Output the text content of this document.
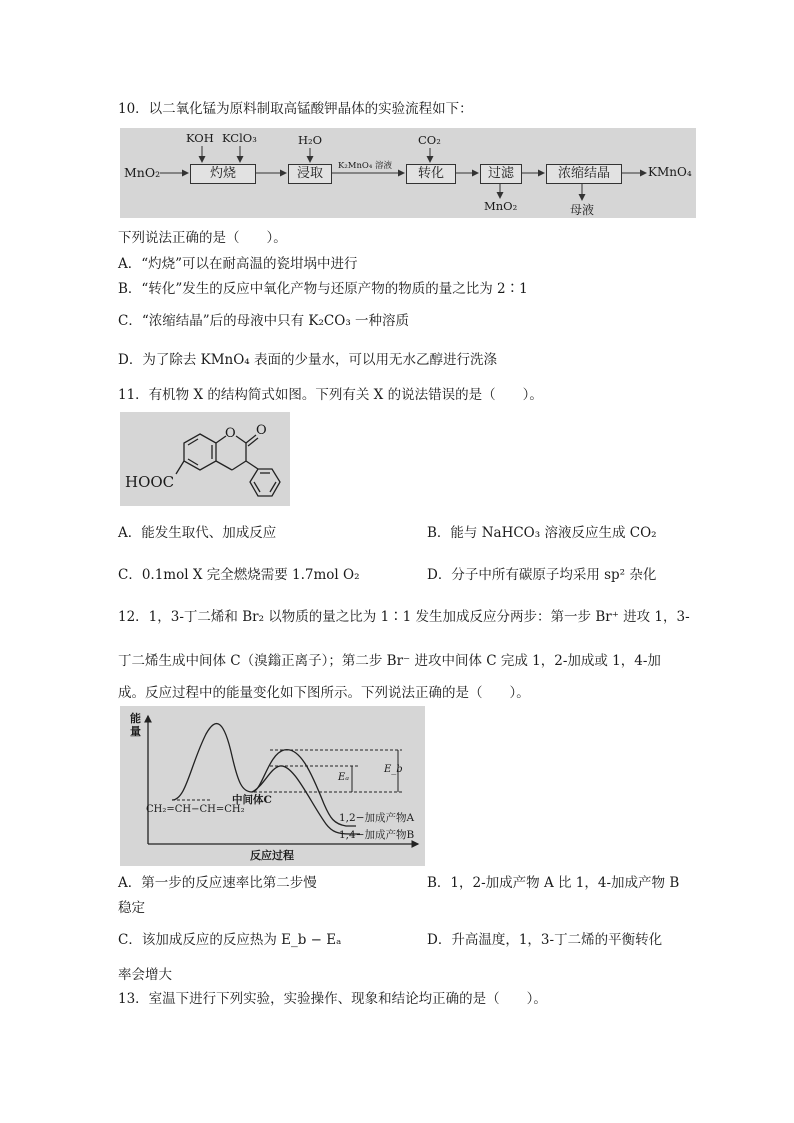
10．以二氧化锰为原料制取高锰酸钾晶体的实验流程如下：
MnO₂
KOH KClO₃
灼烧
H₂O
浸取	K₂MnO₄ 溶液
CO₂
转化	过滤
MnO₂
浓缩结晶
母液
KMnO₄
下列说法正确的是（　　）。
A．“灼烧”可以在耐高温的瓷坩埚中进行
B．“转化”发生的反应中氧化产物与还原产物的物质的量之比为 2∶1
C．“浓缩结晶”后的母液中只有 K₂CO₃ 一种溶质
D．为了除去 KMnO₄ 表面的少量水，可以用无水乙醇进行洗涤
11．有机物 X 的结构简式如图。下列有关 X 的说法错误的是（　　）。
HOOC
O O
A．能发生取代、加成反应	B．能与 NaHCO₃ 溶液反应生成 CO₂
C．0.1mol X 完全燃烧需要 1.7mol O₂	D．分子中所有碳原子均采用 sp² 杂化
12．1，3-丁二烯和 Br₂ 以物质的量之比为 1∶1 发生加成反应分两步：第一步 Br⁺ 进攻 1，3-
丁二烯生成中间体 C（溴鎓正离子）；第二步 Br⁻ 进攻中间体 C 完成 1，2-加成或 1，4-加
成。反应过程中的能量变化如下图所示。下列说法正确的是（　　）。
能量
反应过程
CH₂=CH−CH=CH₂
中间体C
1,2−加成产物A
1,4−加成产物B
Eₐ
E_b
A．第一步的反应速率比第二步慢	B．1，2-加成产物 A 比 1，4-加成产物 B
稳定
C．该加成反应的反应热为 E_b − Eₐ	D．升高温度，1，3-丁二烯的平衡转化
率会增大
13．室温下进行下列实验，实验操作、现象和结论均正确的是（　　）。
